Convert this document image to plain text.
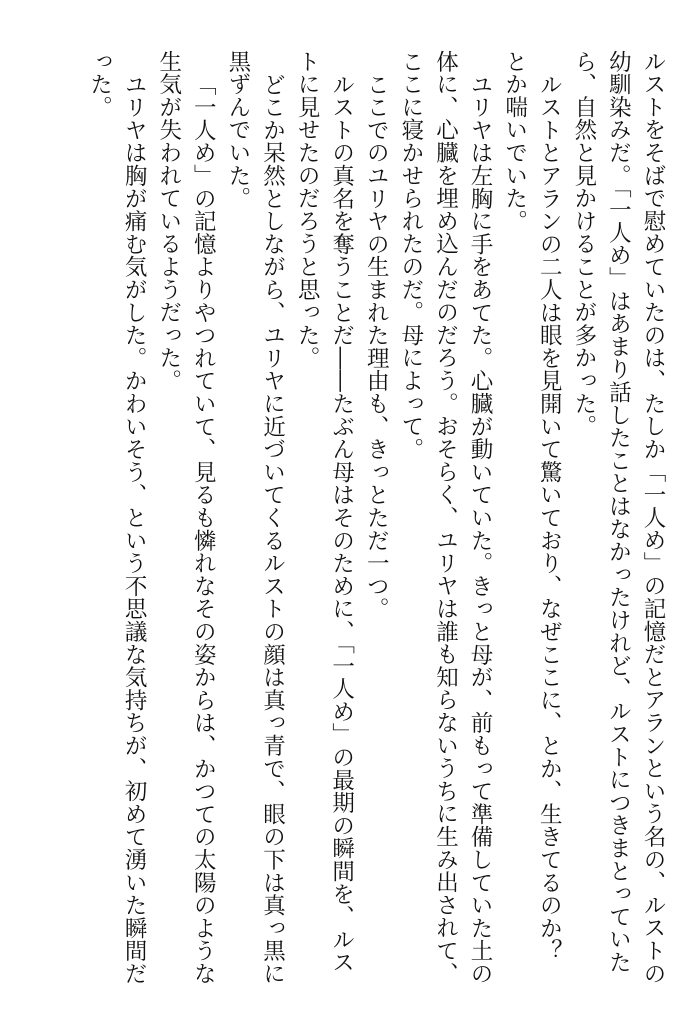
ルストをそばで慰めていたのは、たしか「一人め」の記憶だとアランという名の、ルストの幼馴染みだ。「一人め」はあまり話したことはなかったけれど、ルストにつきまとっていたら、自然と見かけることが多かった。

ルストとアランの二人は眼を見開いて驚いており、なぜここに、とか、生きてるのか？　とか喘いでいた。

ユリヤは左胸に手をあてた。心臓が動いていた。きっと母が、前もって準備していた土の体に、心臓を埋め込んだのだろう。おそらく、ユリヤは誰も知らないうちに生み出されて、ここに寝かせられたのだ。母によって。

ここでのユリヤの生まれた理由も、きっとただ一つ。

ルストの真名を奪うことだ――たぶん母はそのために、「一人め」の最期の瞬間を、ルストに見せたのだろうと思った。

どこか呆然としながら、ユリヤに近づいてくるルストの顔は真っ青で、眼の下は真っ黒に黒ずんでいた。

「一人め」の記憶よりやつれていて、見るも憐れなその姿からは、かつての太陽のような生気が失われているようだった。

ユリヤは胸が痛む気がした。かわいそう、という不思議な気持ちが、初めて湧いた瞬間だった。
